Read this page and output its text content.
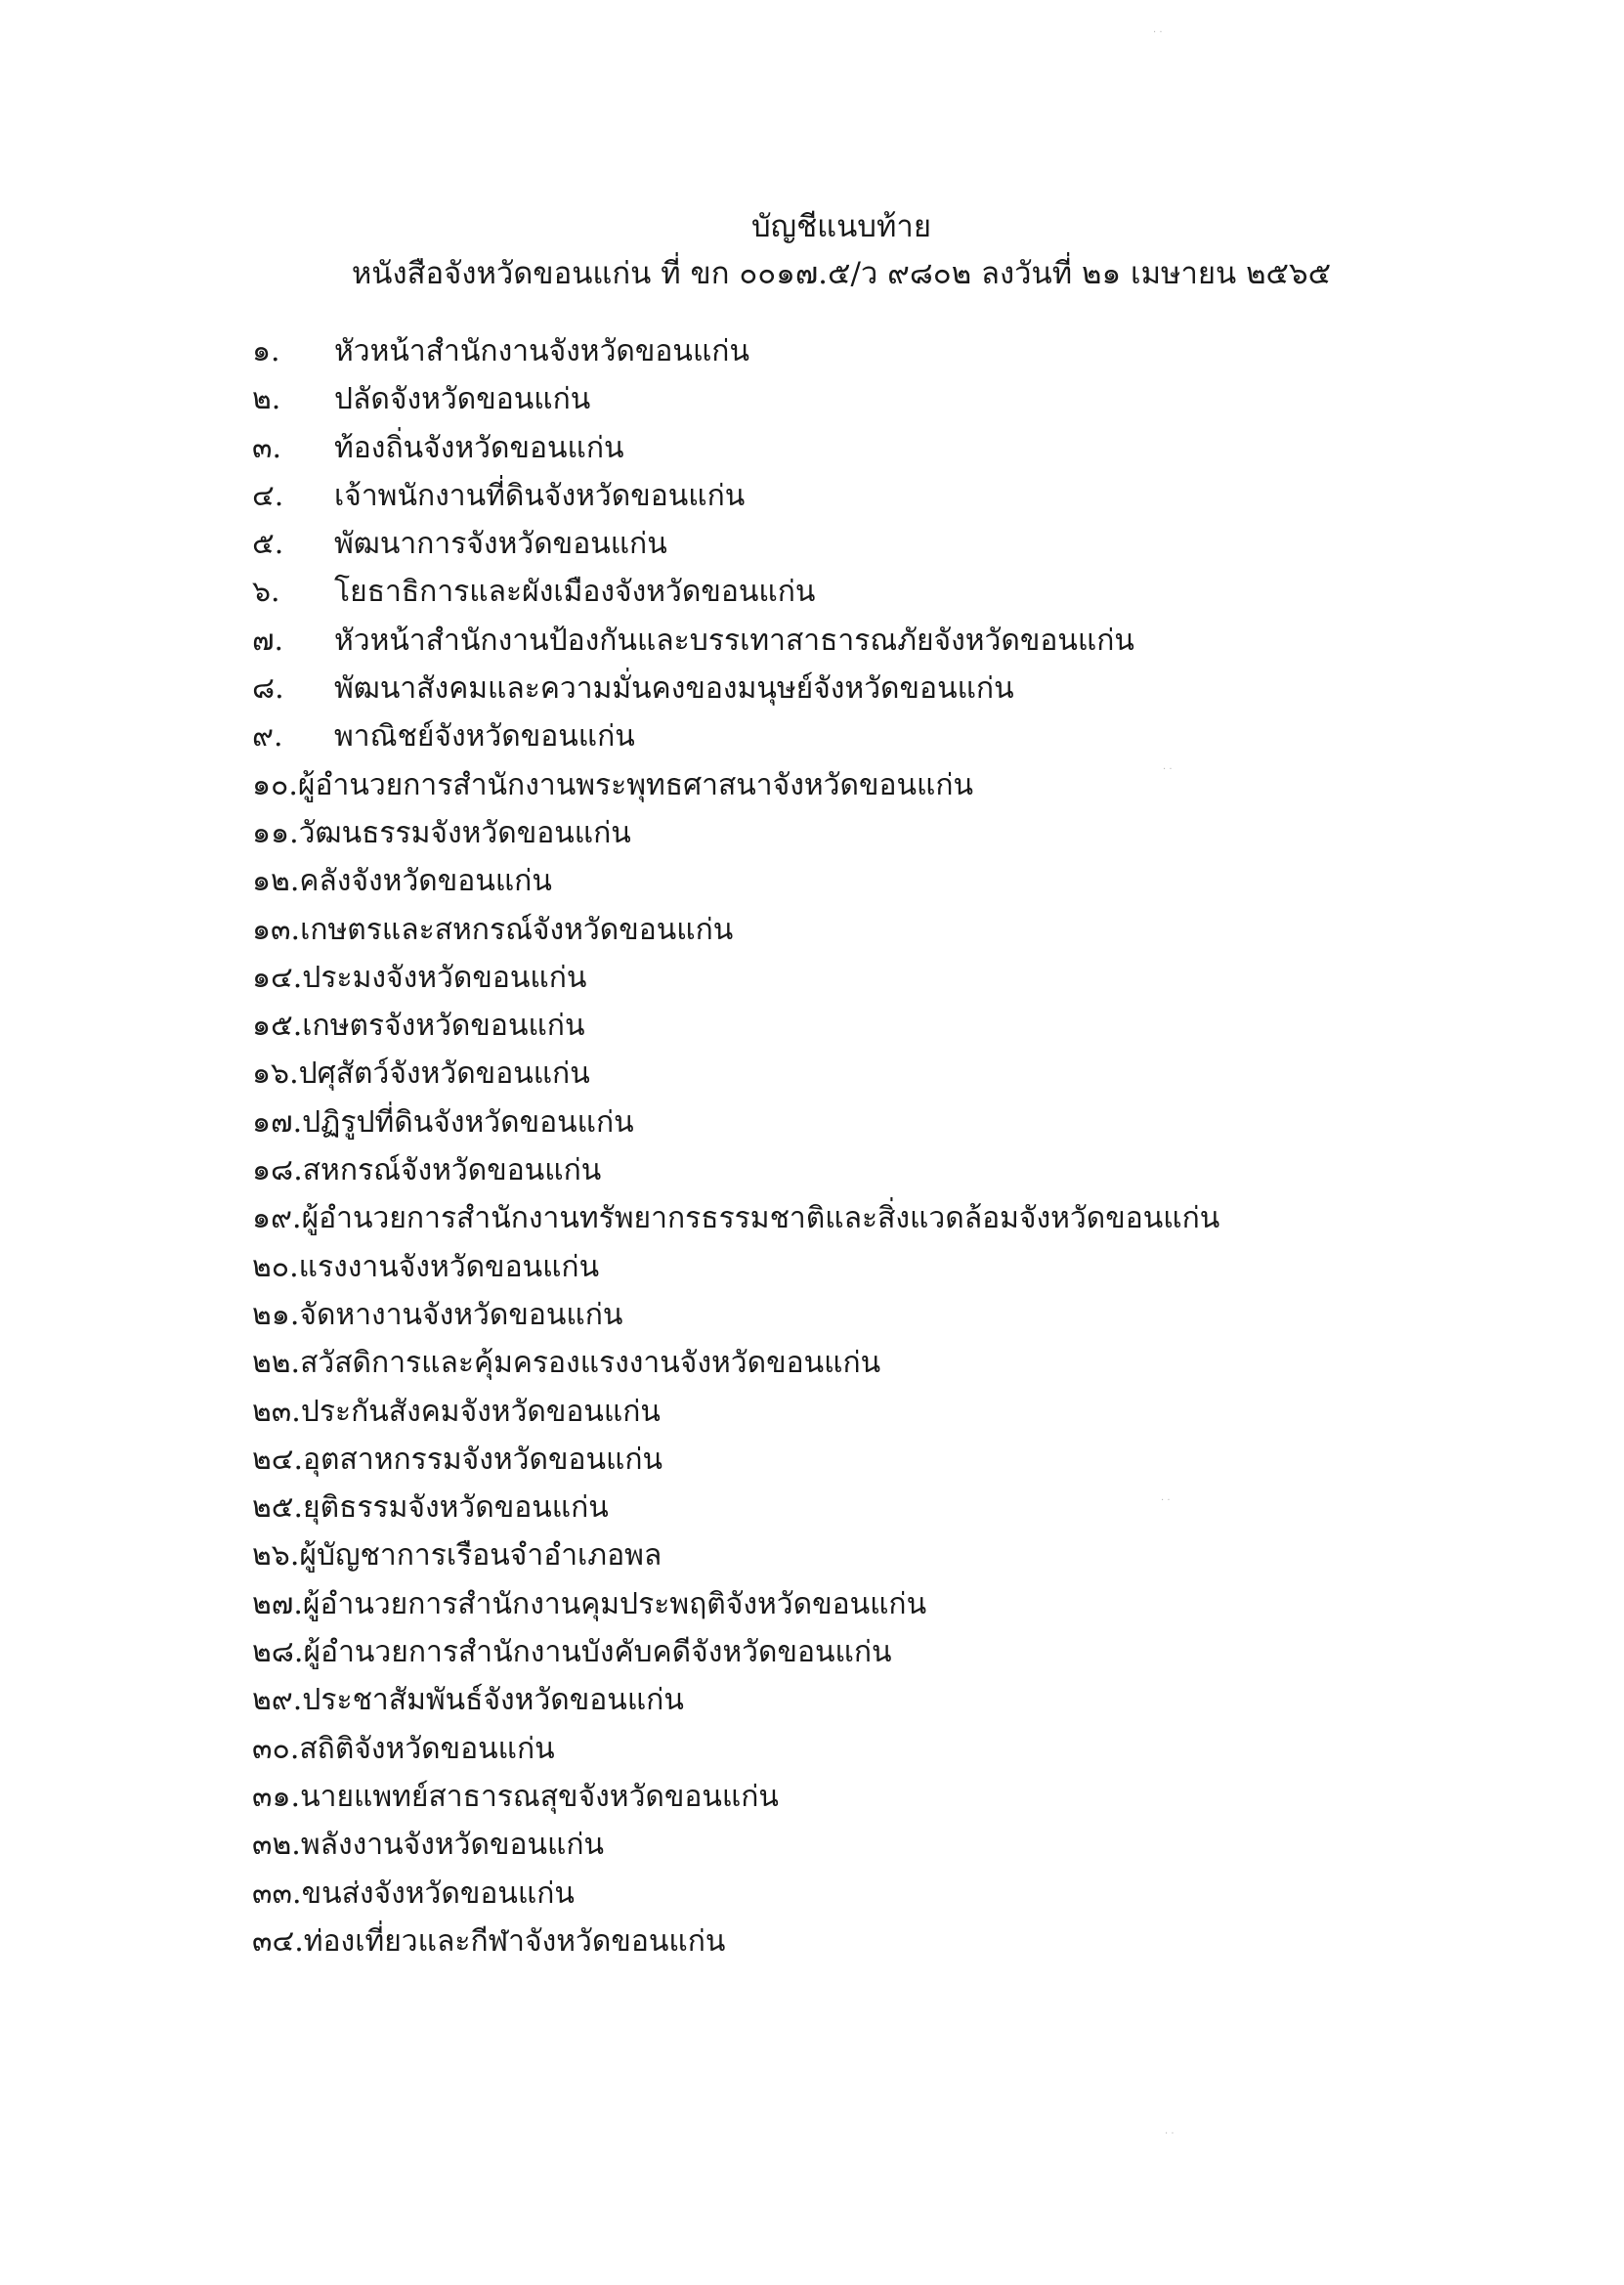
บัญชีแนบท้าย
หนังสือจังหวัดขอนแก่น ที่ ขก ๐๐๑๗.๕/ว ๙๘๐๒ ลงวันที่ ๒๑ เมษายน ๒๕๖๕
๑.	หัวหน้าสำนักงานจังหวัดขอนแก่น
๒.	ปลัดจังหวัดขอนแก่น
๓.	ท้องถิ่นจังหวัดขอนแก่น
๔.	เจ้าพนักงานที่ดินจังหวัดขอนแก่น
๕.	พัฒนาการจังหวัดขอนแก่น
๖.	โยธาธิการและผังเมืองจังหวัดขอนแก่น
๗.	หัวหน้าสำนักงานป้องกันและบรรเทาสาธารณภัยจังหวัดขอนแก่น
๘.	พัฒนาสังคมและความมั่นคงของมนุษย์จังหวัดขอนแก่น
๙.	พาณิชย์จังหวัดขอนแก่น
๑๐. ผู้อำนวยการสำนักงานพระพุทธศาสนาจังหวัดขอนแก่น
๑๑. วัฒนธรรมจังหวัดขอนแก่น
๑๒. คลังจังหวัดขอนแก่น
๑๓. เกษตรและสหกรณ์จังหวัดขอนแก่น
๑๔. ประมงจังหวัดขอนแก่น
๑๕. เกษตรจังหวัดขอนแก่น
๑๖. ปศุสัตว์จังหวัดขอนแก่น
๑๗. ปฏิรูปที่ดินจังหวัดขอนแก่น
๑๘. สหกรณ์จังหวัดขอนแก่น
๑๙. ผู้อำนวยการสำนักงานทรัพยากรธรรมชาติและสิ่งแวดล้อมจังหวัดขอนแก่น
๒๐. แรงงานจังหวัดขอนแก่น
๒๑. จัดหางานจังหวัดขอนแก่น
๒๒. สวัสดิการและคุ้มครองแรงงานจังหวัดขอนแก่น
๒๓. ประกันสังคมจังหวัดขอนแก่น
๒๔. อุตสาหกรรมจังหวัดขอนแก่น
๒๕. ยุติธรรมจังหวัดขอนแก่น
๒๖. ผู้บัญชาการเรือนจำอำเภอพล
๒๗. ผู้อำนวยการสำนักงานคุมประพฤติจังหวัดขอนแก่น
๒๘. ผู้อำนวยการสำนักงานบังคับคดีจังหวัดขอนแก่น
๒๙. ประชาสัมพันธ์จังหวัดขอนแก่น
๓๐. สถิติจังหวัดขอนแก่น
๓๑. นายแพทย์สาธารณสุขจังหวัดขอนแก่น
๓๒. พลังงานจังหวัดขอนแก่น
๓๓. ขนส่งจังหวัดขอนแก่น
๓๔. ท่องเที่ยวและกีฬาจังหวัดขอนแก่น
· ·
· ·
· ·
· ·
